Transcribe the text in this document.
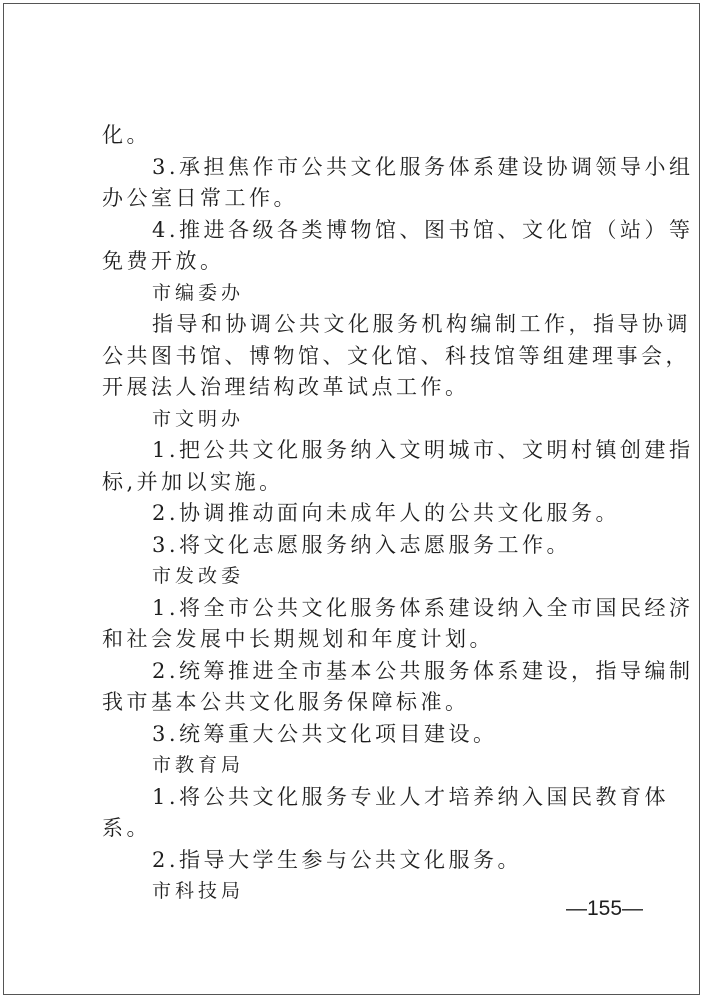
化。
3.承担焦作市公共文化服务体系建设协调领导小组
办公室日常工作。
4.推进各级各类博物馆、图书馆、文化馆（站）等
免费开放。
市编委办
指导和协调公共文化服务机构编制工作，指导协调
公共图书馆、博物馆、文化馆、科技馆等组建理事会，
开展法人治理结构改革试点工作。
市文明办
1.把公共文化服务纳入文明城市、文明村镇创建指
标,并加以实施。
2.协调推动面向未成年人的公共文化服务。
3.将文化志愿服务纳入志愿服务工作。
市发改委
1.将全市公共文化服务体系建设纳入全市国民经济
和社会发展中长期规划和年度计划。
2.统筹推进全市基本公共服务体系建设，指导编制
我市基本公共文化服务保障标准。
3.统筹重大公共文化项目建设。
市教育局
1.将公共文化服务专业人才培养纳入国民教育体
系。
2.指导大学生参与公共文化服务。
市科技局
—155—
